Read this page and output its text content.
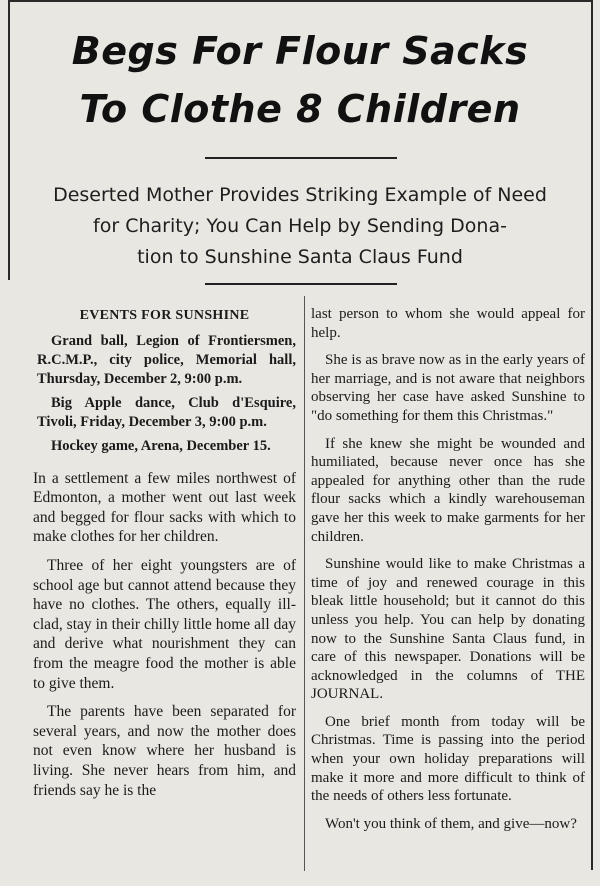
Begs For Flour Sacks
To Clothe 8 Children
Deserted Mother Provides Striking Example of Need
for Charity; You Can Help by Sending Dona-
tion to Sunshine Santa Claus Fund
EVENTS FOR SUNSHINE
Grand ball, Legion of Frontiersmen, R.C.M.P., city police, Memorial hall, Thursday, December 2, 9:00 p.m.
Big Apple dance, Club d'Esquire, Tivoli, Friday, December 3, 9:00 p.m.
Hockey game, Arena, December 15.

In a settlement a few miles northwest of Edmonton, a mother went out last week and begged for flour sacks with which to make clothes for her children.

Three of her eight youngsters are of school age but cannot attend because they have no clothes. The others, equally ill-clad, stay in their chilly little home all day and derive what nourishment they can from the meagre food the mother is able to give them.

The parents have been separated for several years, and now the mother does not even know where her husband is living. She never hears from him, and friends say he is the

last person to whom she would appeal for help.

She is as brave now as in the early years of her marriage, and is not aware that neighbors observing her case have asked Sunshine to "do something for them this Christmas."

If she knew she might be wounded and humiliated, because never once has she appealed for anything other than the rude flour sacks which a kindly warehouseman gave her this week to make garments for her children.

Sunshine would like to make Christmas a time of joy and renewed courage in this bleak little household; but it cannot do this unless you help. You can help by donating now to the Sunshine Santa Claus fund, in care of this newspaper. Donations will be acknowledged in the columns of THE JOURNAL.

One brief month from today will be Christmas. Time is passing into the period when your own holiday preparations will make it more and more difficult to think of the needs of others less fortunate.

Won't you think of them, and give—now?
